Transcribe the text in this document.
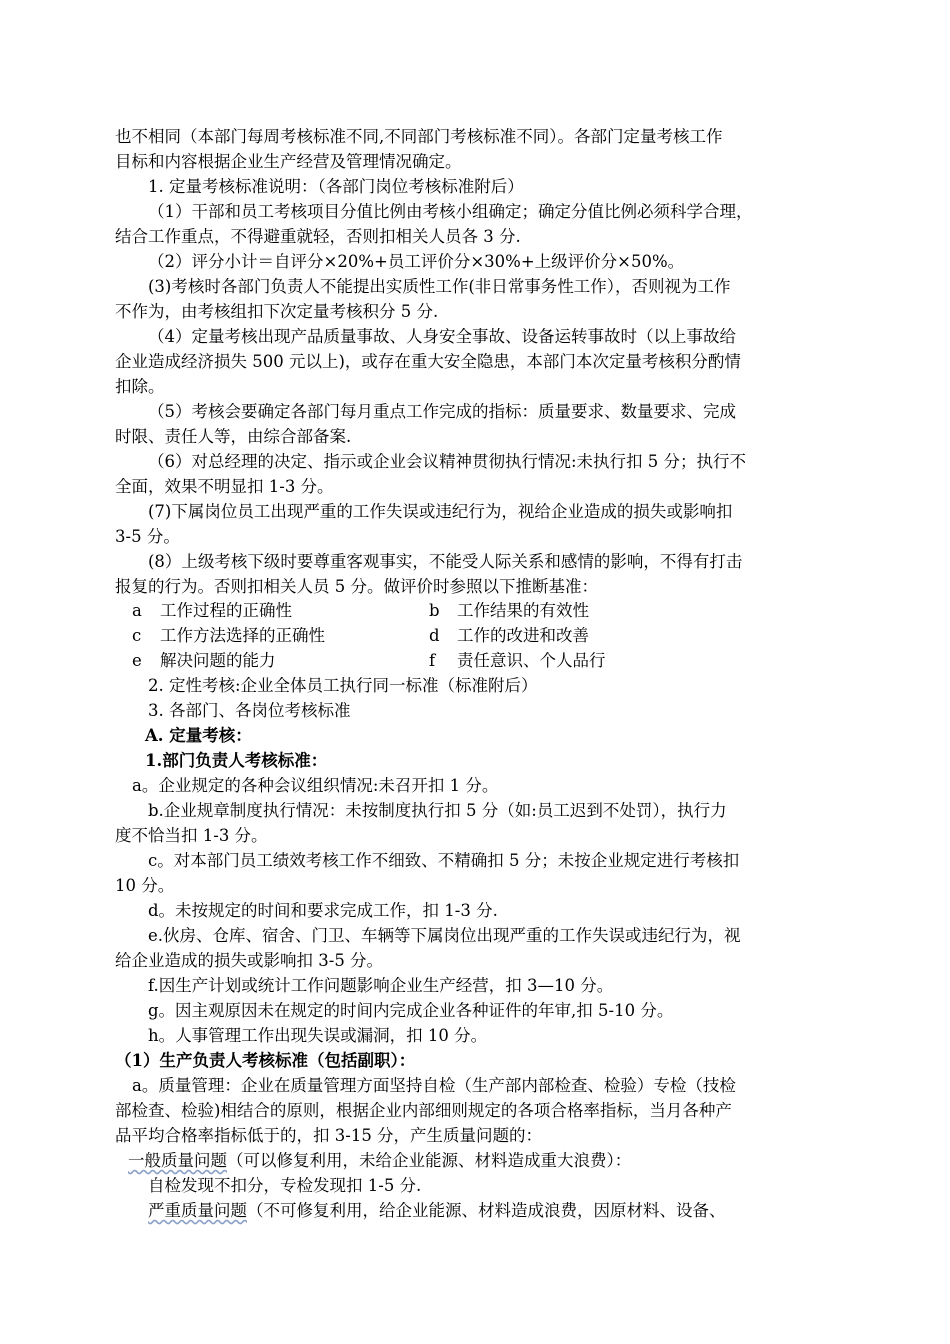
也不相同（本部门每周考核标准不同,不同部门考核标准不同）。各部门定量考核工作
目标和内容根据企业生产经营及管理情况确定。
1. 定量考核标准说明：（各部门岗位考核标准附后）
（1）干部和员工考核项目分值比例由考核小组确定；确定分值比例必须科学合理，
结合工作重点，不得避重就轻，否则扣相关人员各 3 分.
（2）评分小计＝自评分×20%+员工评价分×30%+上级评价分×50%。
(3)考核时各部门负责人不能提出实质性工作(非日常事务性工作），否则视为工作
不作为，由考核组扣下次定量考核积分 5 分.
（4）定量考核出现产品质量事故、人身安全事故、设备运转事故时（以上事故给
企业造成经济损失 500 元以上)，或存在重大安全隐患，本部门本次定量考核积分酌情
扣除。
（5）考核会要确定各部门每月重点工作完成的指标：质量要求、数量要求、完成
时限、责任人等，由综合部备案.
（6）对总经理的决定、指示或企业会议精神贯彻执行情况:未执行扣 5 分；执行不
全面，效果不明显扣 1-3 分。
(7)下属岗位员工出现严重的工作失误或违纪行为，视给企业造成的损失或影响扣
3-5 分。
(8）上级考核下级时要尊重客观事实，不能受人际关系和感情的影响，不得有打击
报复的行为。否则扣相关人员 5 分。做评价时参照以下推断基准：
a 工作过程的正确性	b 工作结果的有效性
c 工作方法选择的正确性	d 工作的改进和改善
e 解决问题的能力	f 责任意识、个人品行
2. 定性考核:企业全体员工执行同一标准（标准附后）
3. 各部门、各岗位考核标准
A. 定量考核：
1.部门负责人考核标准：
a。企业规定的各种会议组织情况:未召开扣 1 分。
b.企业规章制度执行情况：未按制度执行扣 5 分（如:员工迟到不处罚），执行力
度不恰当扣 1-3 分。
c。对本部门员工绩效考核工作不细致、不精确扣 5 分；未按企业规定进行考核扣
10 分。
d。未按规定的时间和要求完成工作，扣 1-3 分.
e.伙房、仓库、宿舍、门卫、车辆等下属岗位出现严重的工作失误或违纪行为，视
给企业造成的损失或影响扣 3-5 分。
f.因生产计划或统计工作问题影响企业生产经营，扣 3—10 分。
g。因主观原因未在规定的时间内完成企业各种证件的年审,扣 5-10 分。
h。人事管理工作出现失误或漏洞，扣 10 分。
（1）生产负责人考核标准（包括副职）：
a。质量管理：企业在质量管理方面坚持自检（生产部内部检查、检验）专检（技检
部检查、检验)相结合的原则，根据企业内部细则规定的各项合格率指标，当月各种产
品平均合格率指标低于的，扣 3-15 分，产生质量问题的：
一般质量问题（可以修复利用，未给企业能源、材料造成重大浪费）：
自检发现不扣分，专检发现扣 1-5 分.
严重质量问题（不可修复利用，给企业能源、材料造成浪费，因原材料、设备、
